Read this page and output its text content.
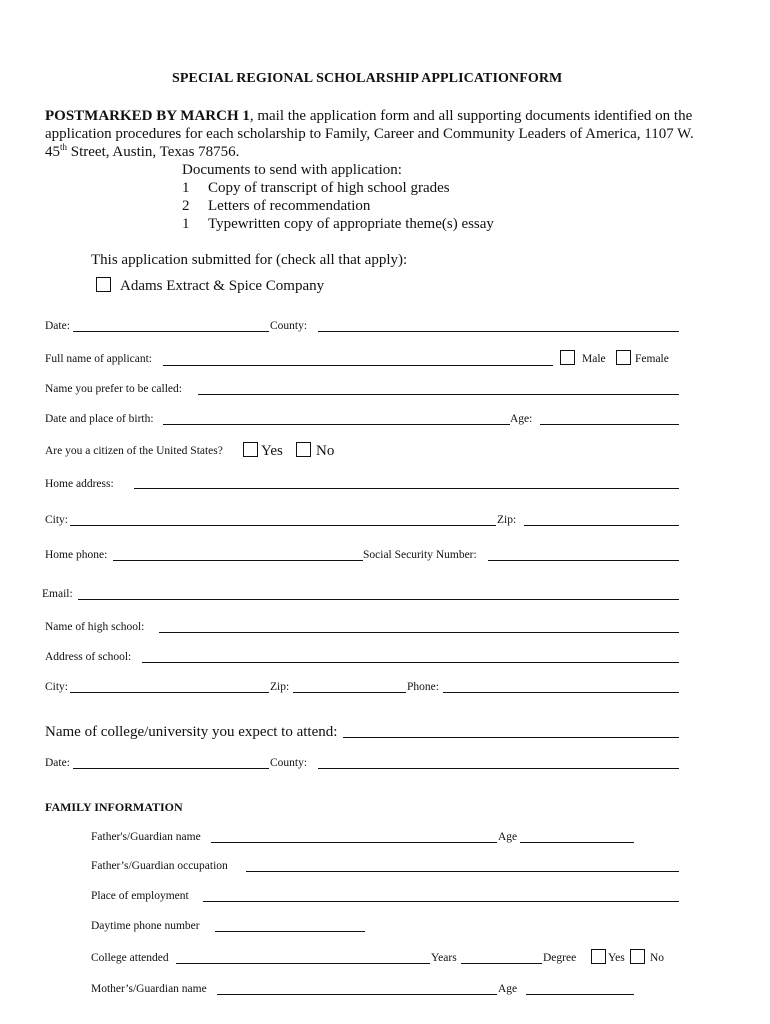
SPECIAL REGIONAL SCHOLARSHIP APPLICATIONFORM
POSTMARKED BY MARCH 1, mail the application form and all supporting documents identified on the
application procedures for each scholarship to Family, Career and Community Leaders of America, 1107 W.
45th Street, Austin, Texas 78756.
Documents to send with application:
1 Copy of transcript of high school grades
2 Letters of recommendation
1 Typewritten copy of appropriate theme(s) essay
This application submitted for (check all that apply):
Adams Extract & Spice Company
Date:	County:
Full name of applicant:	Male	Female
Name you prefer to be called:
Date and place of birth:	Age:
Are you a citizen of the United States?	Yes No
Home address:
City:	Zip:
Home phone:	Social Security Number:
Email:
Name of high school:
Address of school:
City:	Zip:	Phone:
Name of college/university you expect to attend:
Date:	County:
FAMILY INFORMATION
Father's/Guardian name	Age
Father’s/Guardian occupation
Place of employment
Daytime phone number
College attended	Years	Degree	Yes No
Mother’s/Guardian name	Age
